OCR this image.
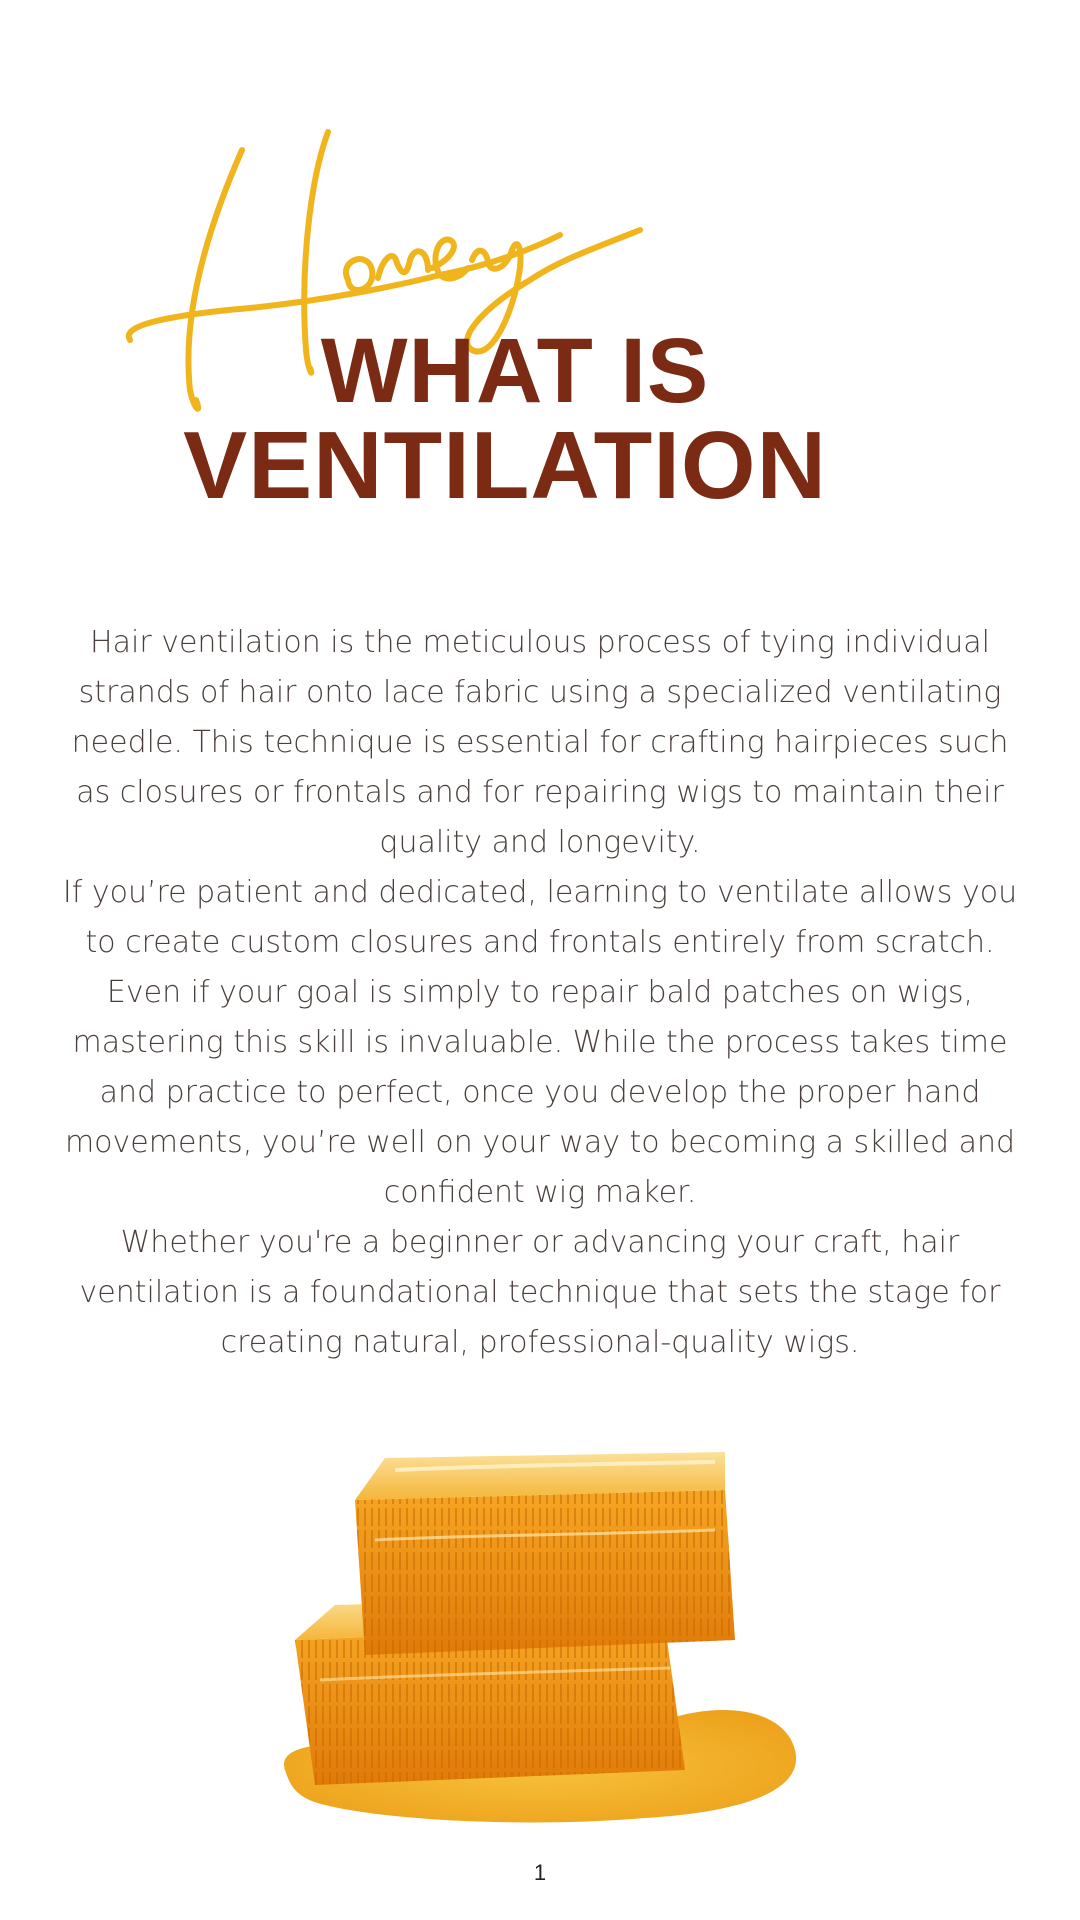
WHAT IS
VENTILATION

Hair ventilation is the meticulous process of tying individual strands of hair onto lace fabric using a specialized ventilating needle. This technique is essential for crafting hairpieces such as closures or frontals and for repairing wigs to maintain their quality and longevity.

If you’re patient and dedicated, learning to ventilate allows you to create custom closures and frontals entirely from scratch. Even if your goal is simply to repair bald patches on wigs, mastering this skill is invaluable. While the process takes time and practice to perfect, once you develop the proper hand movements, you’re well on your way to becoming a skilled and confident wig maker.

Whether you're a beginner or advancing your craft, hair ventilation is a foundational technique that sets the stage for creating natural, professional-quality wigs.

1
